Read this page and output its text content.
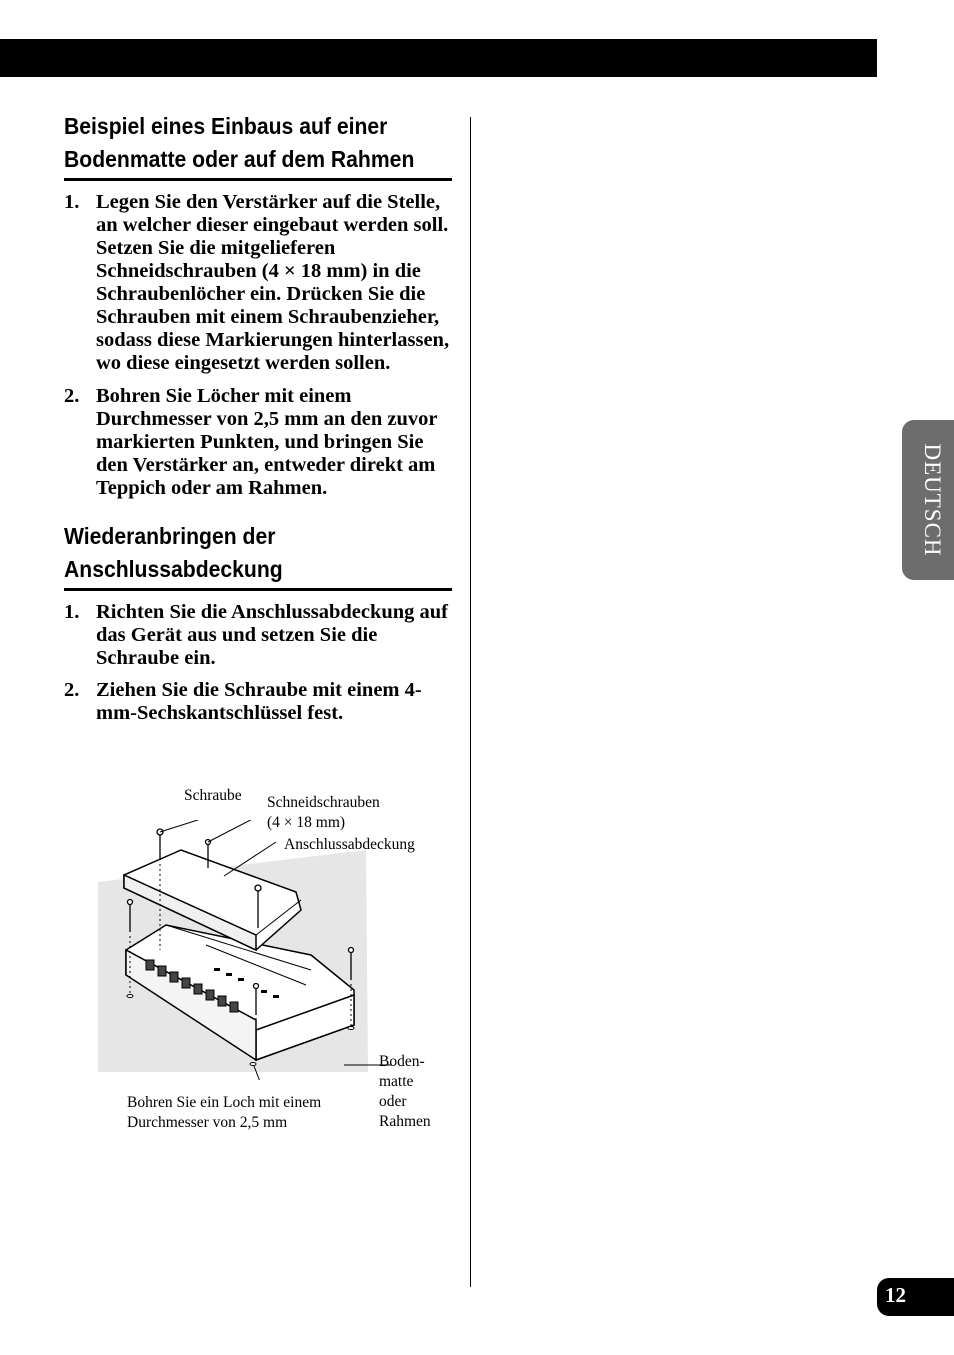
Beispiel eines Einbaus auf einer
Bodenmatte oder auf dem Rahmen
1. Legen Sie den Verstärker auf die Stelle, an welcher dieser eingebaut werden soll. Setzen Sie die mitgelieferen Schneidschrauben (4 × 18 mm) in die Schraubenlöcher ein. Drücken Sie die Schrauben mit einem Schraubenzieher, sodass diese Markierungen hinterlassen, wo diese eingesetzt werden sollen.
2. Bohren Sie Löcher mit einem Durchmesser von 2,5 mm an den zuvor markierten Punkten, und bringen Sie den Verstärker an, entweder direkt am Teppich oder am Rahmen.
Wiederanbringen der
Anschlussabdeckung
1. Richten Sie die Anschlussabdeckung auf das Gerät aus und setzen Sie die Schraube ein.
2. Ziehen Sie die Schraube mit einem 4-mm-Sechskantschlüssel fest.
Schraube Schneidschrauben
(4 × 18 mm)
Anschlussabdeckung
Bohren Sie ein Loch mit einem
Durchmesser von 2,5 mm
Boden-
matte
oder
Rahmen
DEUTSCH
12
